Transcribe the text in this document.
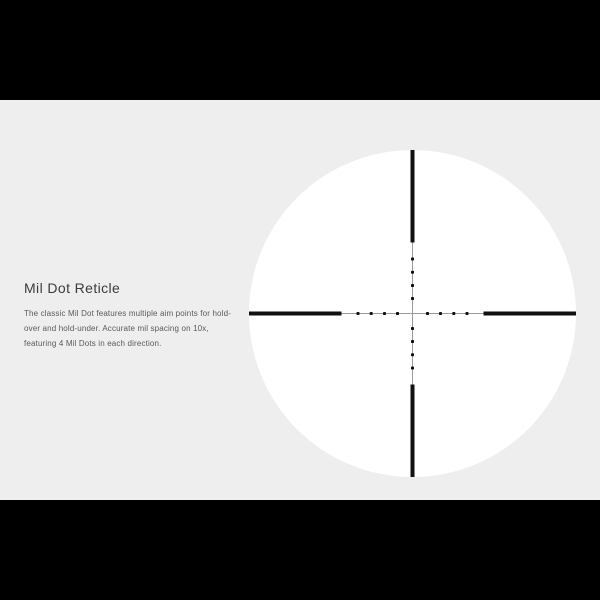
Mil Dot Reticle

The classic Mil Dot features multiple aim points for hold-over and hold-under. Accurate mil spacing on 10x, featuring 4 Mil Dots in each direction.
